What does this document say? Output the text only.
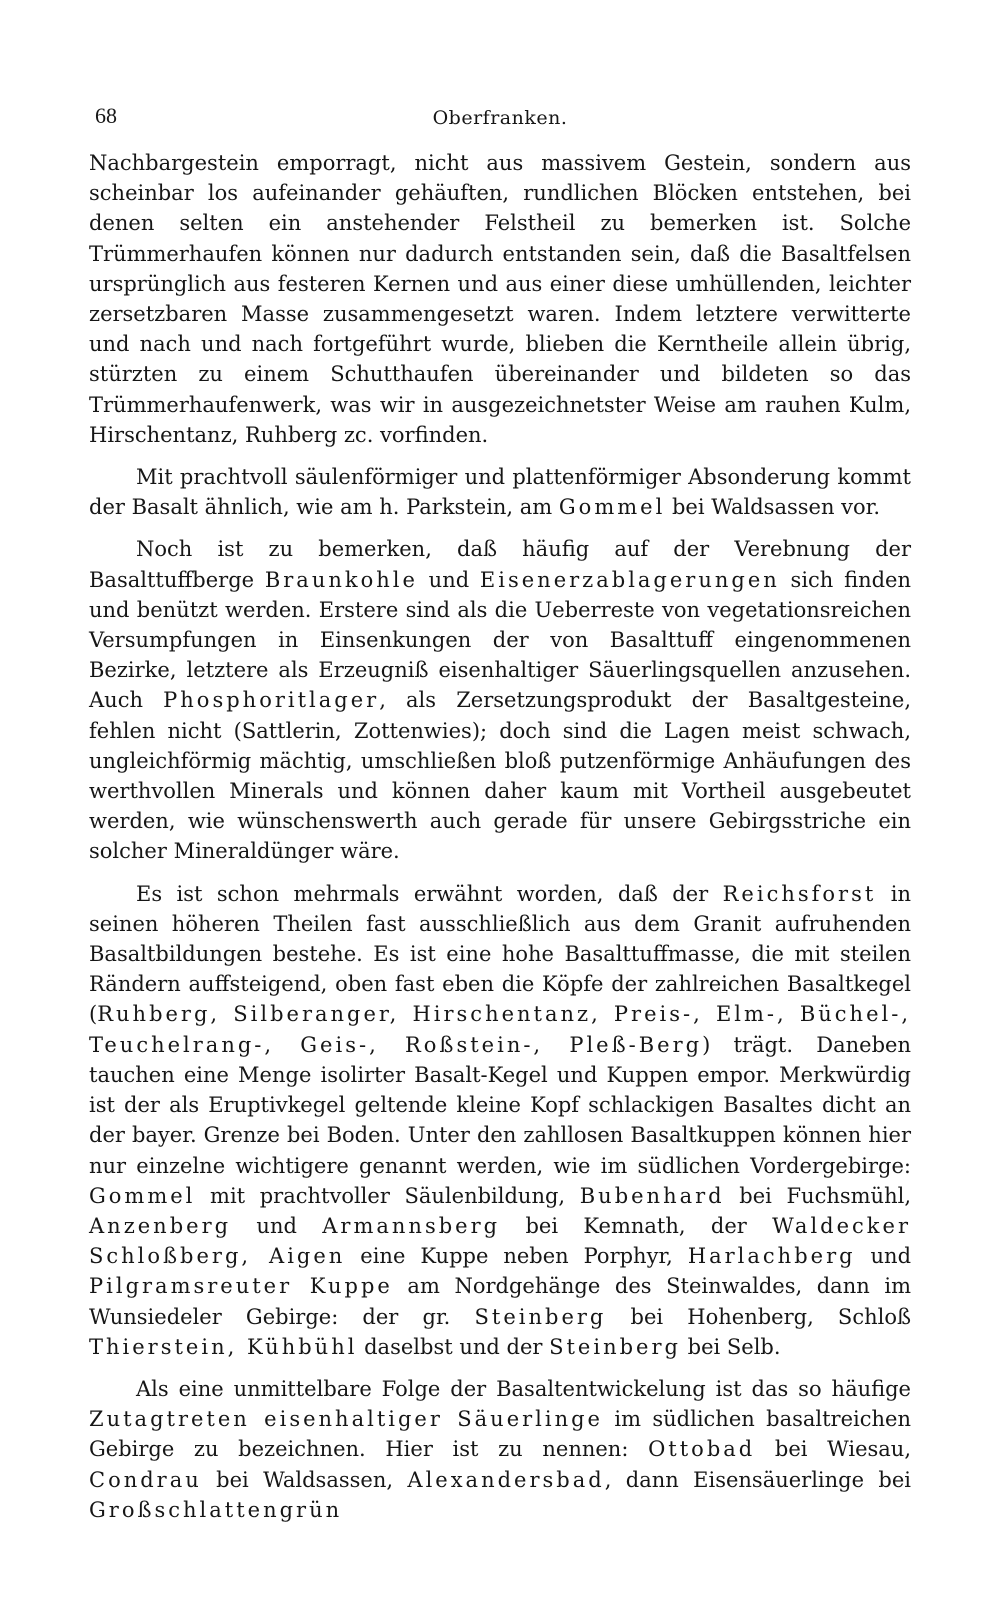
68	Oberfranken.

Nachbargestein emporragt, nicht aus massivem Gestein, sondern aus scheinbar los aufeinander gehäuften, rundlichen Blöcken entstehen, bei denen selten ein anstehender Felstheil zu bemerken ist. Solche Trümmerhaufen können nur dadurch entstanden sein, daß die Basaltfelsen ursprünglich aus festeren Kernen und aus einer diese umhüllenden, leichter zersetzbaren Masse zusammengesetzt waren. Indem letztere verwitterte und nach und nach fortgeführt wurde, blieben die Kerntheile allein übrig, stürzten zu einem Schutthaufen übereinander und bildeten so das Trümmerhaufenwerk, was wir in ausgezeichnetster Weise am rauhen Kulm, Hirschentanz, Ruhberg zc. vorfinden.

Mit prachtvoll säulenförmiger und plattenförmiger Absonderung kommt der Basalt ähnlich, wie am h. Parkstein, am Gommel bei Waldsassen vor.

Noch ist zu bemerken, daß häufig auf der Verebnung der Basalttuffberge Braunkohle und Eisenerzablagerungen sich finden und benützt werden. Erstere sind als die Ueberreste von vegetationsreichen Versumpfungen in Einsenkungen der von Basalttuff eingenommenen Bezirke, letztere als Erzeugniß eisenhaltiger Säuerlingsquellen anzusehen. Auch Phosphoritlager, als Zersetzungsprodukt der Basaltgesteine, fehlen nicht (Sattlerin, Zottenwies); doch sind die Lagen meist schwach, ungleichförmig mächtig, umschließen bloß putzenförmige Anhäufungen des werthvollen Minerals und können daher kaum mit Vortheil ausgebeutet werden, wie wünschenswerth auch gerade für unsere Gebirgsstriche ein solcher Mineraldünger wäre.

Es ist schon mehrmals erwähnt worden, daß der Reichsforst in seinen höheren Theilen fast ausschließlich aus dem Granit aufruhenden Basaltbildungen bestehe. Es ist eine hohe Basalttuffmasse, die mit steilen Rändern auffsteigend, oben fast eben die Köpfe der zahlreichen Basaltkegel (Ruhberg, Silberanger, Hirschentanz, Preis-, Elm-, Büchel-, Teuchelrang-, Geis-, Roßstein-, Pleß-Berg) trägt. Daneben tauchen eine Menge isolirter Basalt-Kegel und Kuppen empor. Merkwürdig ist der als Eruptivkegel geltende kleine Kopf schlackigen Basaltes dicht an der bayer. Grenze bei Boden. Unter den zahllosen Basaltkuppen können hier nur einzelne wichtigere genannt werden, wie im südlichen Vordergebirge: Gommel mit prachtvoller Säulenbildung, Bubenhard bei Fuchsmühl, Anzenberg und Armannsberg bei Kemnath, der Waldecker Schloßberg, Aigen eine Kuppe neben Porphyr, Harlachberg und Pilgramsreuter Kuppe am Nordgehänge des Steinwaldes, dann im Wunsiedeler Gebirge: der gr. Steinberg bei Hohenberg, Schloß Thierstein, Kühbühl daselbst und der Steinberg bei Selb.

Als eine unmittelbare Folge der Basaltentwickelung ist das so häufige Zutagtreten eisenhaltiger Säuerlinge im südlichen basaltreichen Gebirge zu bezeichnen. Hier ist zu nennen: Ottobad bei Wiesau, Condrau bei Waldsassen, Alexandersbad, dann Eisensäuerlinge bei Großschlattengrün
